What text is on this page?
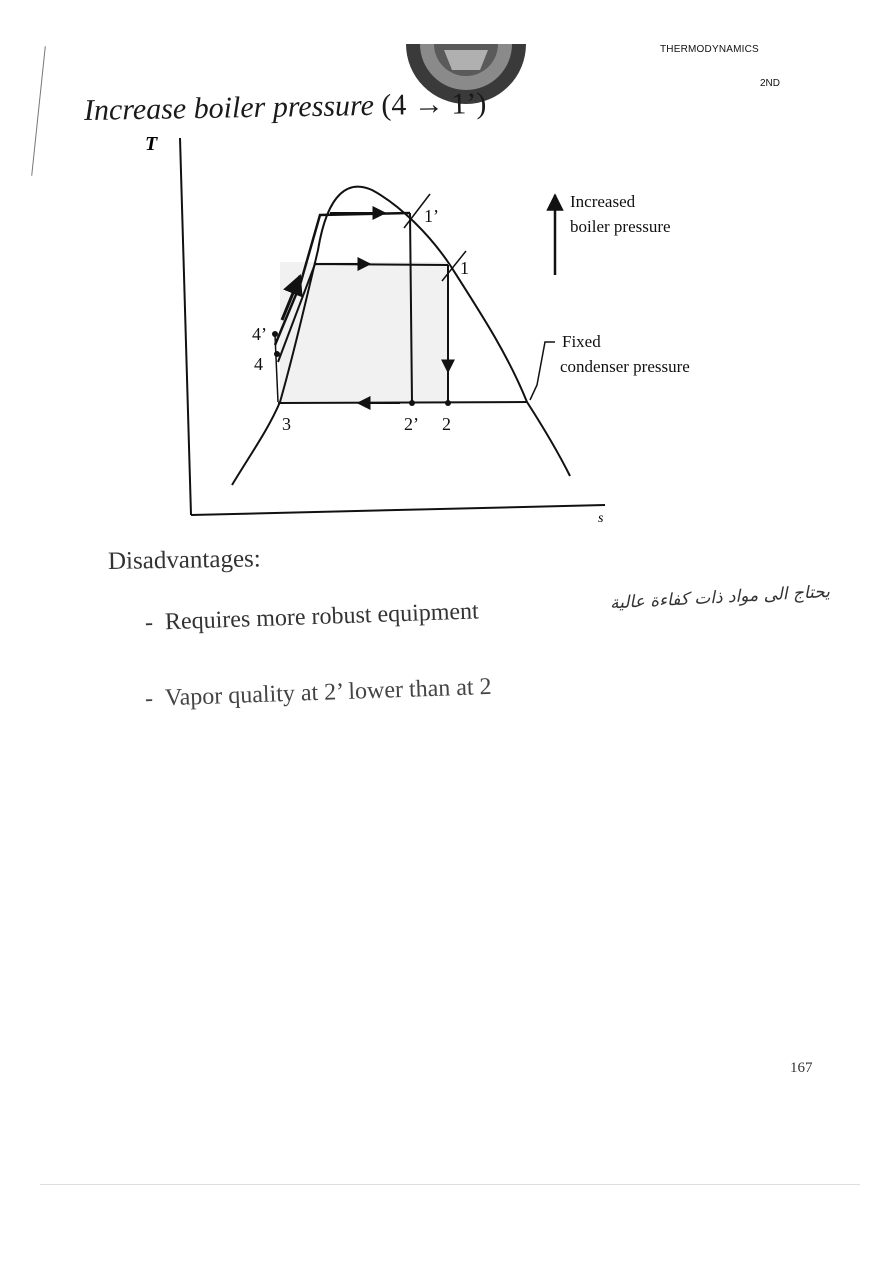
THERMODYNAMICS
2ND
Increase boiler pressure (4 → 1’)
T
s
1’
1
4’
4
3	2’ 2
Increased
boiler pressure
Fixed
condenser pressure
Disadvantages:
-  Requires more robust equipment
-  Vapor quality at 2’ lower than at 2
يحتاج الى مواد ذات كفاءة عالية
167
